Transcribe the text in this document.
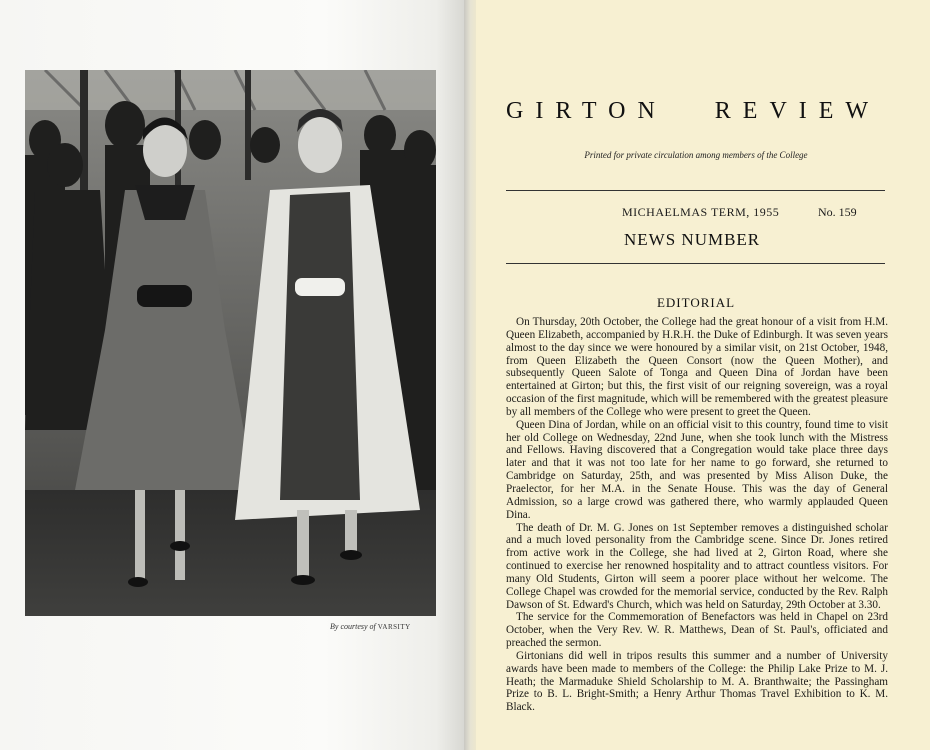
By courtesy of VARSITY
GIRTON REVIEW
Printed for private circulation among members of the College
MICHAELMAS TERM, 1955	No. 159
NEWS NUMBER
EDITORIAL

On Thursday, 20th October, the College had the great honour of a visit from H.M. Queen Elizabeth, accompanied by H.R.H. the Duke of Edinburgh. It was seven years almost to the day since we were honoured by a similar visit, on 21st October, 1948, from Queen Elizabeth the Queen Consort (now the Queen Mother), and subsequently Queen Salote of Tonga and Queen Dina of Jordan have been entertained at Girton; but this, the first visit of our reigning sovereign, was a royal occasion of the first magnitude, which will be remembered with the greatest pleasure by all members of the College who were present to greet the Queen.

Queen Dina of Jordan, while on an official visit to this country, found time to visit her old College on Wednesday, 22nd June, when she took lunch with the Mistress and Fellows. Having discovered that a Congregation would take place three days later and that it was not too late for her name to go forward, she returned to Cambridge on Saturday, 25th, and was presented by Miss Alison Duke, the Praelector, for her M.A. in the Senate House. This was the day of General Admission, so a large crowd was gathered there, who warmly applauded Queen Dina.

The death of Dr. M. G. Jones on 1st September removes a distinguished scholar and a much loved personality from the Cambridge scene. Since Dr. Jones retired from active work in the College, she had lived at 2, Girton Road, where she continued to exercise her renowned hospitality and to attract countless visitors. For many Old Students, Girton will seem a poorer place without her welcome. The College Chapel was crowded for the memorial service, conducted by the Rev. Ralph Dawson of St. Edward's Church, which was held on Saturday, 29th October at 3.30.

The service for the Commemoration of Benefactors was held in Chapel on 23rd October, when the Very Rev. W. R. Matthews, Dean of St. Paul's, officiated and preached the sermon.

Girtonians did well in tripos results this summer and a number of University awards have been made to members of the College: the Philip Lake Prize to M. J. Heath; the Marmaduke Shield Scholarship to M. A. Branthwaite; the Passingham Prize to B. L. Bright-Smith; a Henry Arthur Thomas Travel Exhibition to K. M. Black.
